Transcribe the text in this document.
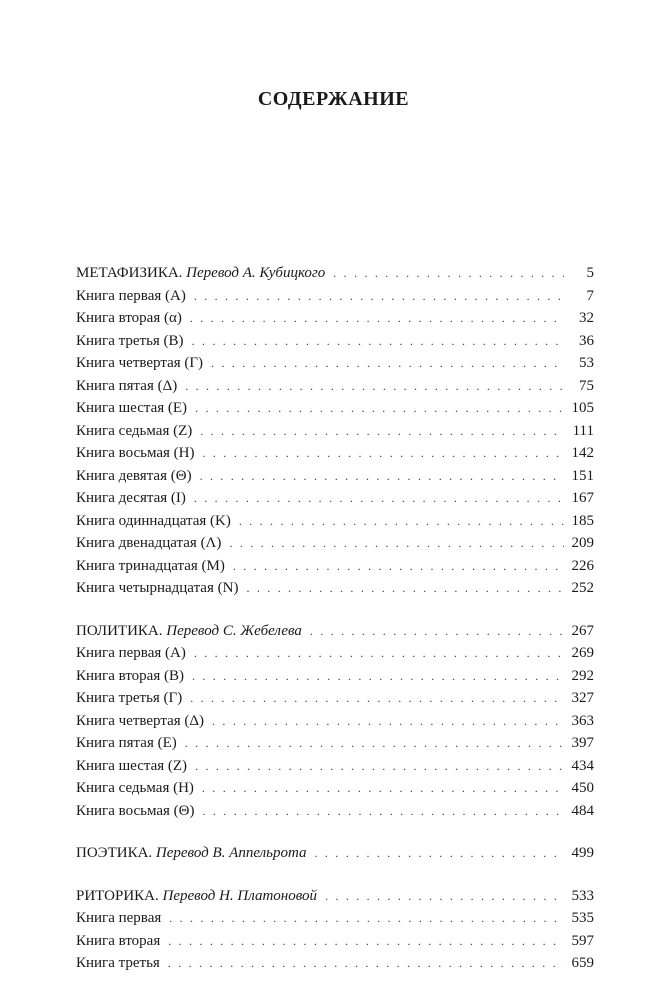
СОДЕРЖАНИЕ
МЕТАФИЗИКА. Перевод А. Кубицкого . . .	5
Книга первая (A) . . .	7
Книга вторая (α) . . .	32
Книга третья (B) . . .	36
Книга четвертая (Г) . . .	53
Книга пятая (Δ) . . .	75
Книга шестая (E) . . .	105
Книга седьмая (Z) . . .	111
Книга восьмая (H) . . .	142
Книга девятая (Θ) . . .	151
Книга десятая (I) . . .	167
Книга одиннадцатая (K) . . .	185
Книга двенадцатая (Λ) . . .	209
Книга тринадцатая (M) . . .	226
Книга четырнадцатая (N) . . .	252
ПОЛИТИКА. Перевод С. Жебелева . . .	267
Книга первая (A) . . .	269
Книга вторая (B) . . .	292
Книга третья (Г) . . .	327
Книга четвертая (Δ) . . .	363
Книга пятая (E) . . .	397
Книга шестая (Z) . . .	434
Книга седьмая (H) . . .	450
Книга восьмая (Θ) . . .	484
ПОЭТИКА. Перевод В. Аппельрота . . .	499
РИТОРИКА. Перевод Н. Платоновой . . .	533
Книга первая . . .	535
Книга вторая . . .	597
Книга третья . . .	659
